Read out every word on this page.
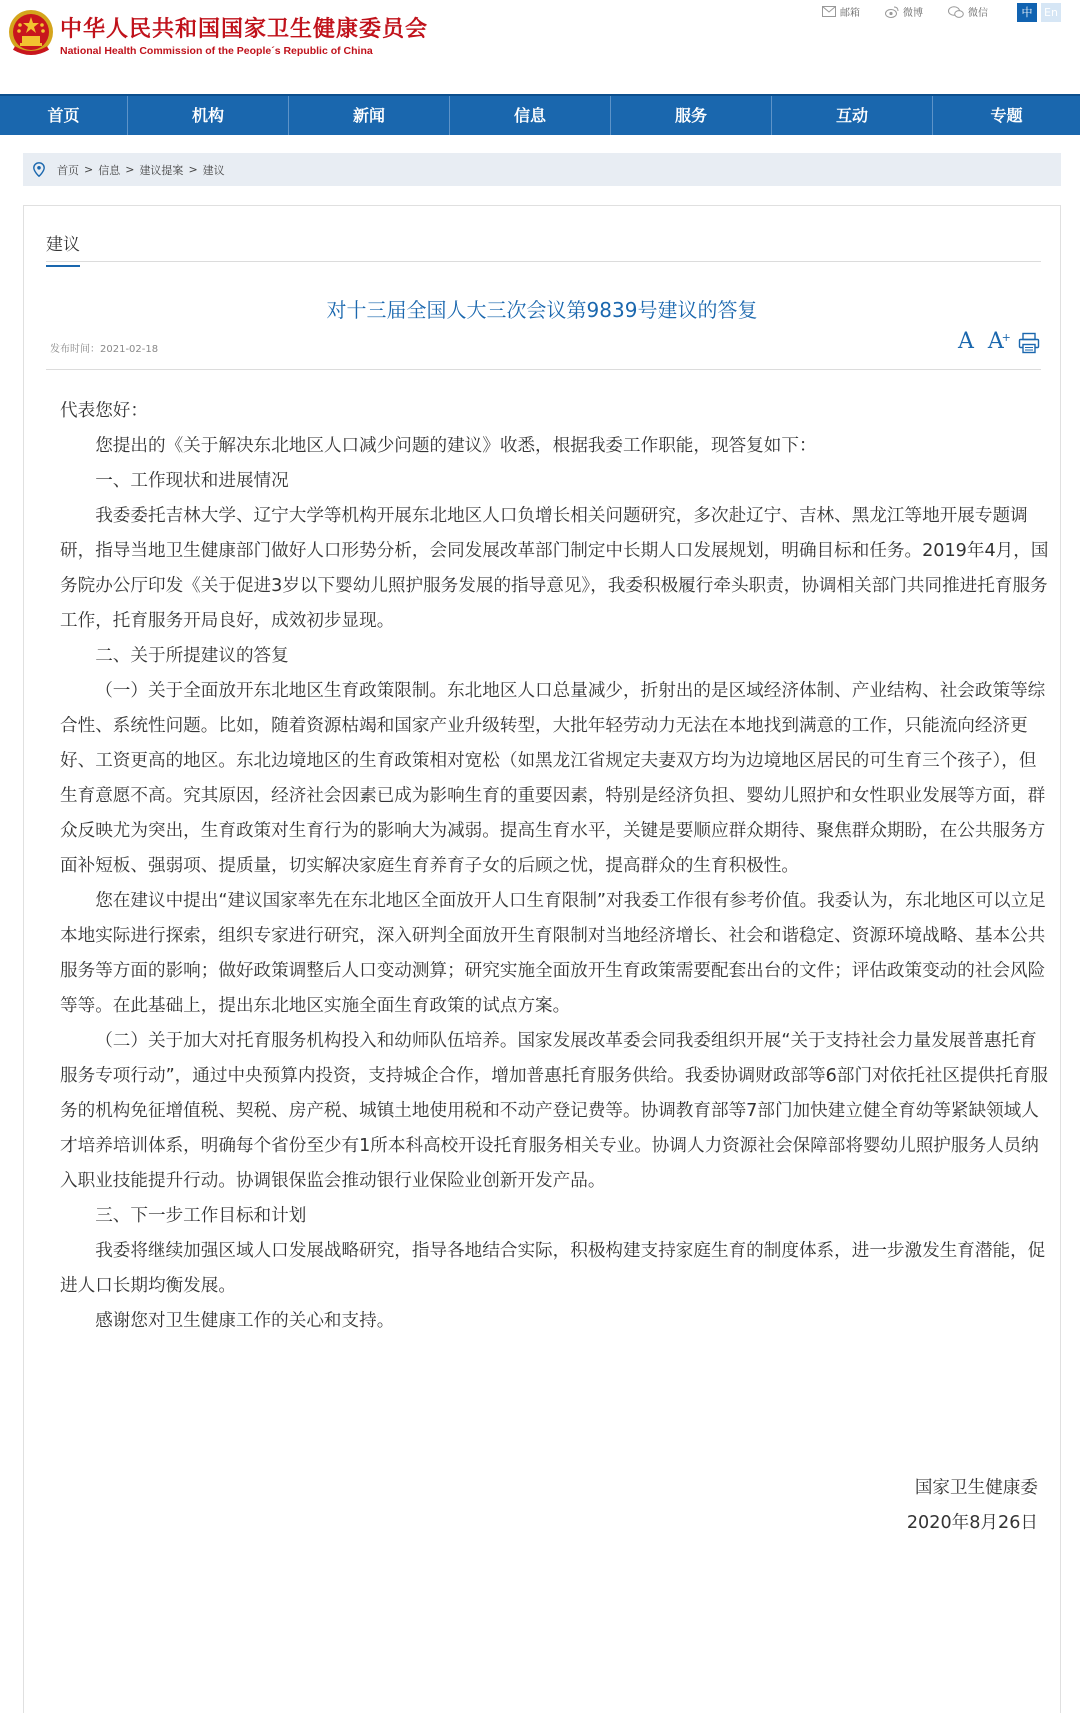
中华人民共和国国家卫生健康委员会
National Health Commission of the People´s Republic of China
邮箱	微博	微信	中	En
首页	机构	新闻	信息	服务	互动	专题
首页 > 信息 > 建议提案 > 建议
建议
对十三届全国人大三次会议第9839号建议的答复
发布时间：2021-02-18	A A
+

代表您好：

您提出的《关于解决东北地区人口减少问题的建议》收悉，根据我委工作职能，现答复如下：

一、工作现状和进展情况

我委委托吉林大学、辽宁大学等机构开展东北地区人口负增长相关问题研究，多次赴辽宁、吉林、黑龙江等地开展专题调研，指导当地卫生健康部门做好人口形势分析，会同发展改革部门制定中长期人口发展规划，明确目标和任务。2019年4月，国务院办公厅印发《关于促进3岁以下婴幼儿照护服务发展的指导意见》，我委积极履行牵头职责，协调相关部门共同推进托育服务工作，托育服务开局良好，成效初步显现。

二、关于所提建议的答复

（一）关于全面放开东北地区生育政策限制。东北地区人口总量减少，折射出的是区域经济体制、产业结构、社会政策等综合性、系统性问题。比如，随着资源枯竭和国家产业升级转型，大批年轻劳动力无法在本地找到满意的工作，只能流向经济更好、工资更高的地区。东北边境地区的生育政策相对宽松（如黑龙江省规定夫妻双方均为边境地区居民的可生育三个孩子），但生育意愿不高。究其原因，经济社会因素已成为影响生育的重要因素，特别是经济负担、婴幼儿照护和女性职业发展等方面，群众反映尤为突出，生育政策对生育行为的影响大为减弱。提高生育水平，关键是要顺应群众期待、聚焦群众期盼，在公共服务方面补短板、强弱项、提质量，切实解决家庭生育养育子女的后顾之忧，提高群众的生育积极性。

您在建议中提出“建议国家率先在东北地区全面放开人口生育限制”对我委工作很有参考价值。我委认为，东北地区可以立足本地实际进行探索，组织专家进行研究，深入研判全面放开生育限制对当地经济增长、社会和谐稳定、资源环境战略、基本公共服务等方面的影响；做好政策调整后人口变动测算；研究实施全面放开生育政策需要配套出台的文件；评估政策变动的社会风险等等。在此基础上，提出东北地区实施全面生育政策的试点方案。

（二）关于加大对托育服务机构投入和幼师队伍培养。国家发展改革委会同我委组织开展“关于支持社会力量发展普惠托育服务专项行动”，通过中央预算内投资，支持城企合作，增加普惠托育服务供给。我委协调财政部等6部门对依托社区提供托育服务的机构免征增值税、契税、房产税、城镇土地使用税和不动产登记费等。协调教育部等7部门加快建立健全育幼等紧缺领域人才培养培训体系，明确每个省份至少有1所本科高校开设托育服务相关专业。协调人力资源社会保障部将婴幼儿照护服务人员纳入职业技能提升行动。协调银保监会推动银行业保险业创新开发产品。

三、下一步工作目标和计划

我委将继续加强区域人口发展战略研究，指导各地结合实际，积极构建支持家庭生育的制度体系，进一步激发生育潜能，促进人口长期均衡发展。

感谢您对卫生健康工作的关心和支持。

国家卫生健康委
2020年8月26日
